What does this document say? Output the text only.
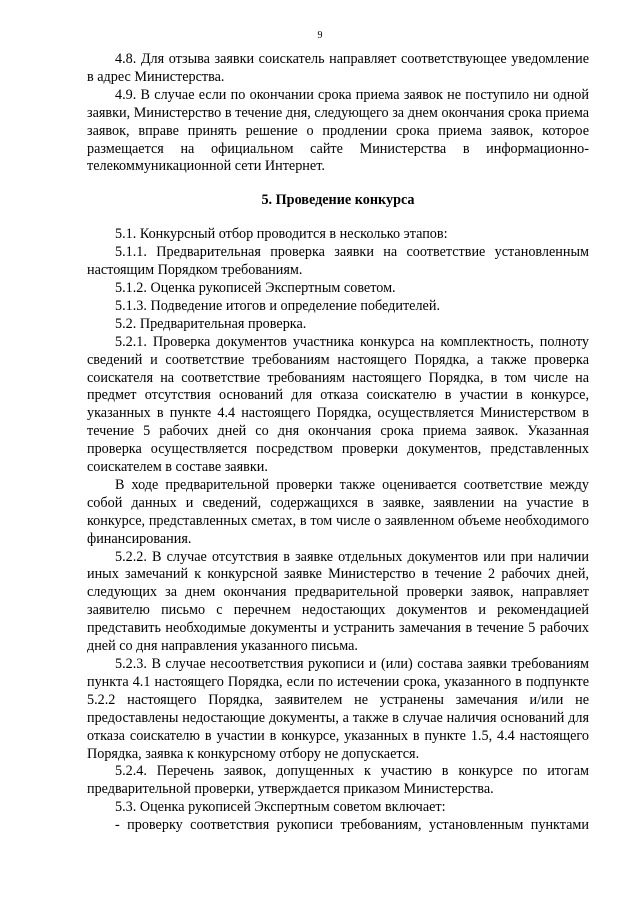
9

4.8. Для отзыва заявки соискатель направляет соответствующее уведомление в адрес Министерства.

4.9. В случае если по окончании срока приема заявок не поступило ни одной заявки, Министерство в течение дня, следующего за днем окончания срока приема заявок, вправе принять решение о продлении срока приема заявок, которое размещается на официальном сайте Министерства в информационно-телекоммуникационной сети Интернет.

5. Проведение конкурса

5.1. Конкурсный отбор проводится в несколько этапов:

5.1.1. Предварительная проверка заявки на соответствие установленным настоящим Порядком требованиям.

5.1.2. Оценка рукописей Экспертным советом.

5.1.3. Подведение итогов и определение победителей.

5.2. Предварительная проверка.

5.2.1. Проверка документов участника конкурса на комплектность, полноту сведений и соответствие требованиям настоящего Порядка, а также проверка соискателя на соответствие требованиям настоящего Порядка, в том числе на предмет отсутствия оснований для отказа соискателю в участии в конкурсе, указанных в пункте 4.4 настоящего Порядка, осуществляется Министерством в течение 5 рабочих дней со дня окончания срока приема заявок. Указанная проверка осуществляется посредством проверки документов, представленных соискателем в составе заявки.

В ходе предварительной проверки также оценивается соответствие между собой данных и сведений, содержащихся в заявке, заявлении на участие в конкурсе, представленных сметах, в том числе о заявленном объеме необходимого финансирования.

5.2.2. В случае отсутствия в заявке отдельных документов или при наличии иных замечаний к конкурсной заявке Министерство в течение 2 рабочих дней, следующих за днем окончания предварительной проверки заявок, направляет заявителю письмо с перечнем недостающих документов и рекомендацией представить необходимые документы и устранить замечания в течение 5 рабочих дней со дня направления указанного письма.

5.2.3. В случае несоответствия рукописи и (или) состава заявки требованиям пункта 4.1 настоящего Порядка, если по истечении срока, указанного в подпункте 5.2.2 настоящего Порядка, заявителем не устранены замечания и/или не предоставлены недостающие документы, а также в случае наличия оснований для отказа соискателю в участии в конкурсе, указанных в пункте 1.5, 4.4 настоящего Порядка, заявка к конкурсному отбору не допускается.

5.2.4. Перечень заявок, допущенных к участию в конкурсе по итогам предварительной проверки, утверждается приказом Министерства.

5.3. Оценка рукописей Экспертным советом включает:

- проверку соответствия рукописи требованиям, установленным пунктами
